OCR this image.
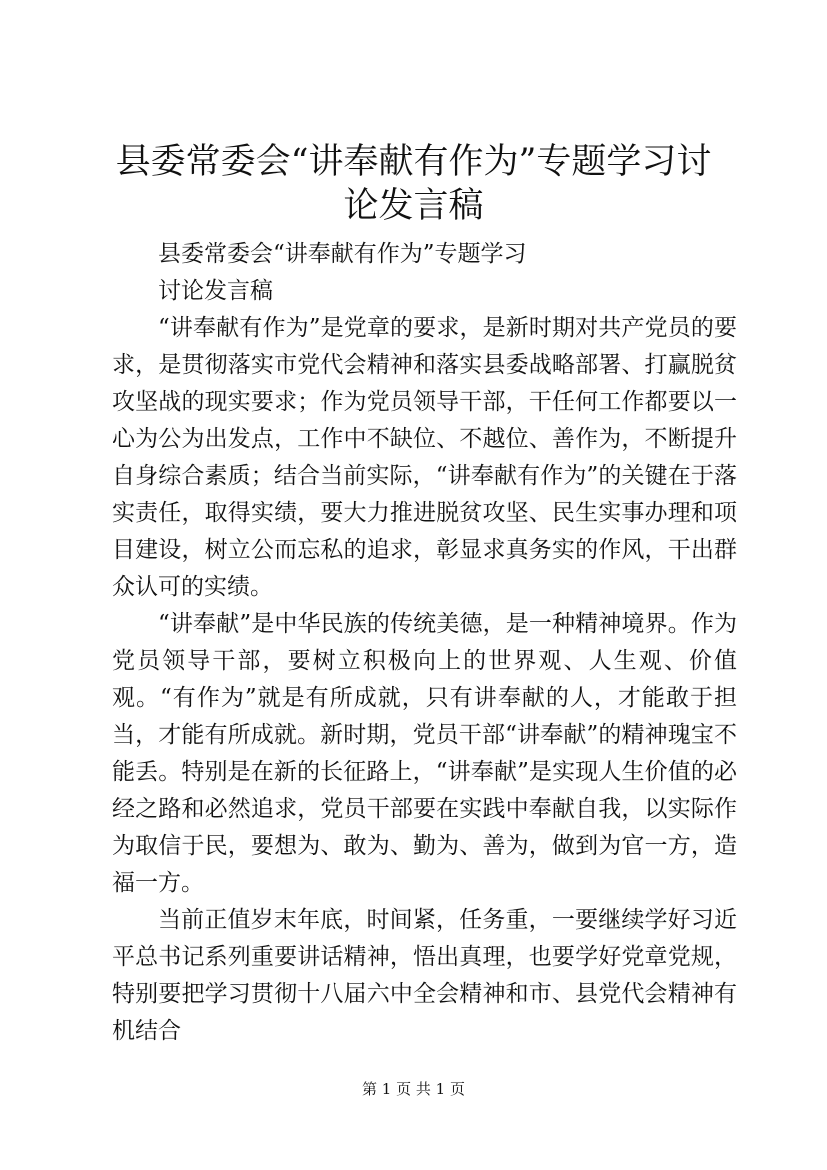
县委常委会“讲奉献有作为”专题学习讨论发言稿

县委常委会“讲奉献有作为”专题学习

讨论发言稿

“讲奉献有作为”是党章的要求，是新时期对共产党员的要求，是贯彻落实市党代会精神和落实县委战略部署、打赢脱贫攻坚战的现实要求；作为党员领导干部，干任何工作都要以一心为公为出发点，工作中不缺位、不越位、善作为，不断提升自身综合素质；结合当前实际，“讲奉献有作为”的关键在于落实责任，取得实绩，要大力推进脱贫攻坚、民生实事办理和项目建设，树立公而忘私的追求，彰显求真务实的作风，干出群众认可的实绩。

“讲奉献”是中华民族的传统美德，是一种精神境界。作为党员领导干部，要树立积极向上的世界观、人生观、价值观。“有作为”就是有所成就，只有讲奉献的人，才能敢于担当，才能有所成就。新时期，党员干部“讲奉献”的精神瑰宝不能丢。特别是在新的长征路上，“讲奉献”是实现人生价值的必经之路和必然追求，党员干部要在实践中奉献自我，以实际作为取信于民，要想为、敢为、勤为、善为，做到为官一方，造福一方。

当前正值岁末年底，时间紧，任务重，一要继续学好习近平总书记系列重要讲话精神，悟出真理，也要学好党章党规，特别要把学习贯彻十八届六中全会精神和市、县党代会精神有机结合

第 1 页 共 1 页
